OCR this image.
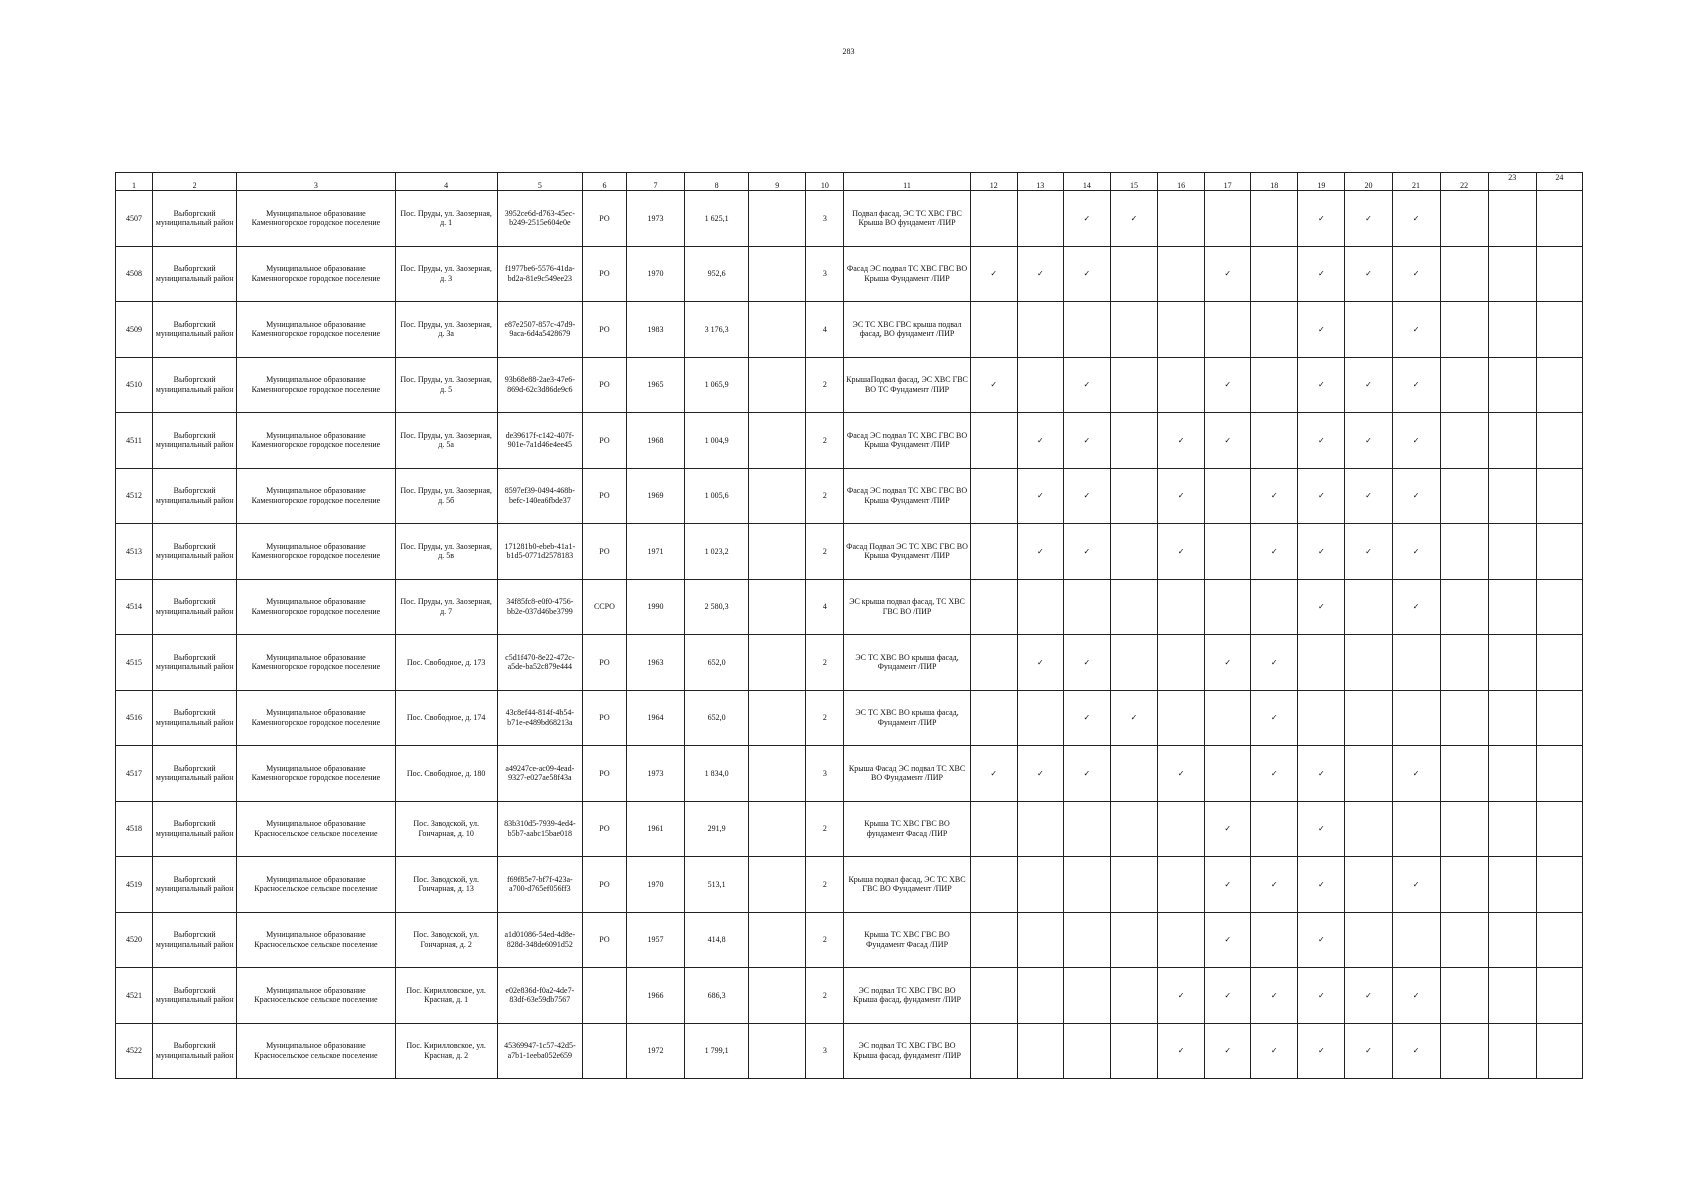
283
1	2	3	4	5	6	7	8	9	10	11	12	13	14	15	16	17	18	19	20	21	22	23	24
4507	Выборгский муниципальный район	Муниципальное образование Каменногорское городское поселение	Пос. Пруды, ул. Заозерная, д. 1	3952ce6d-d763-45ec-b249-2515e604e0e	РО	1973	1 625,1		3	Подвал фасад, ЭС ТС ХВС ГВС Крыша ВО фундамент /ПИР			✓	✓				✓	✓	✓			
4508	Выборгский муниципальный район	Муниципальное образование Каменногорское городское поселение	Пос. Пруды, ул. Заозерная, д. 3	f1977be6-5576-41da-bd2a-81e9c549ee23	РО	1970	952,6		3	Фасад ЭС подвал ТС ХВС ГВС ВО Крыша Фундамент /ПИР	✓	✓	✓			✓		✓	✓	✓			
4509	Выборгский муниципальный район	Муниципальное образование Каменногорское городское поселение	Пос. Пруды, ул. Заозерная, д. 3а	e87e2507-857c-47d9-9aca-6d4a5428679	РО	1983	3 176,3		4	ЭС ТС ХВС ГВС крыша подвал фасад, ВО фундамент /ПИР								✓		✓			
4510	Выборгский муниципальный район	Муниципальное образование Каменногорское городское поселение	Пос. Пруды, ул. Заозерная, д. 5	93b68e88-2ae3-47e6-869d-62c3d86de9c6	РО	1965	1 065,9		2	КрышаПодвал фасад, ЭС ХВС ГВС ВО ТС Фундамент /ПИР	✓		✓			✓		✓	✓	✓			
4511	Выборгский муниципальный район	Муниципальное образование Каменногорское городское поселение	Пос. Пруды, ул. Заозерная, д. 5а	de39617f-c142-407f-901e-7a1d46e4ee45	РО	1968	1 004,9		2	Фасад ЭС подвал ТС ХВС ГВС ВО Крыша Фундамент /ПИР		✓	✓		✓	✓		✓	✓	✓			
4512	Выборгский муниципальный район	Муниципальное образование Каменногорское городское поселение	Пос. Пруды, ул. Заозерная, д. 5б	8597ef39-0494-468b-befc-140ea6fbde37	РО	1969	1 005,6		2	Фасад ЭС подвал ТС ХВС ГВС ВО Крыша Фундамент /ПИР		✓	✓		✓		✓	✓	✓	✓			
4513	Выборгский муниципальный район	Муниципальное образование Каменногорское городское поселение	Пос. Пруды, ул. Заозерная, д. 5в	171281b0-ebeb-41a1-b1d5-0771d2578183	РО	1971	1 023,2		2	Фасад Подвал ЭС ТС ХВС ГВС ВО Крыша Фундамент /ПИР		✓	✓		✓		✓	✓	✓	✓			
4514	Выборгский муниципальный район	Муниципальное образование Каменногорское городское поселение	Пос. Пруды, ул. Заозерная, д. 7	34f85fc8-e0f0-4756-bb2e-037d46be3799	ССРО	1990	2 580,3		4	ЭС крыша подвал фасад, ТС ХВС ГВС ВО /ПИР								✓		✓			
4515	Выборгский муниципальный район	Муниципальное образование Каменногорское городское поселение	Пос. Свободное, д. 173	c5d1f470-8e22-472c-a5de-ba52c879e444	РО	1963	652,0		2	ЭС ТС ХВС ВО крыша фасад, Фундамент /ПИР		✓	✓			✓	✓						
4516	Выборгский муниципальный район	Муниципальное образование Каменногорское городское поселение	Пос. Свободное, д. 174	43c8ef44-814f-4b54-b71e-e489bd68213a	РО	1964	652,0		2	ЭС ТС ХВС ВО крыша фасад, Фундамент /ПИР			✓	✓			✓						
4517	Выборгский муниципальный район	Муниципальное образование Каменногорское городское поселение	Пос. Свободное, д. 180	a49247ce-ac09-4ead-9327-e027ae58f43a	РО	1973	1 834,0		3	Крыша Фасад ЭС подвал ТС ХВС ВО Фундамент /ПИР	✓	✓	✓		✓		✓	✓		✓			
4518	Выборгский муниципальный район	Муниципальное образование Красносельское сельское поселение	Пос. Заводской, ул. Гончарная, д. 10	83b310d5-7939-4ed4-b5b7-aabc15bae018	РО	1961	291,9		2	Крыша ТС ХВС ГВС ВО фундамент Фасад /ПИР						✓		✓					
4519	Выборгский муниципальный район	Муниципальное образование Красносельское сельское поселение	Пос. Заводской, ул. Гончарная, д. 13	f69f85e7-bf7f-423a-a700-d765ef056ff3	РО	1970	513,1		2	Крыша подвал фасад, ЭС ТС ХВС ГВС ВО Фундамент /ПИР						✓	✓	✓		✓			
4520	Выборгский муниципальный район	Муниципальное образование Красносельское сельское поселение	Пос. Заводской, ул. Гончарная, д. 2	a1d01086-54ed-4d8e-828d-348de6091d52	РО	1957	414,8		2	Крыша ТС ХВС ГВС ВО Фундамент Фасад /ПИР						✓		✓					
4521	Выборгский муниципальный район	Муниципальное образование Красносельское сельское поселение	Пос. Кирилловское, ул. Красная, д. 1	e02e836d-f0a2-4de7-83df-63e59db7567		1966	686,3		2	ЭС подвал ТС ХВС ГВС ВО Крыша фасад, фундамент /ПИР					✓	✓	✓	✓	✓	✓			
4522	Выборгский муниципальный район	Муниципальное образование Красносельское сельское поселение	Пос. Кирилловское, ул. Красная, д. 2	45369947-1c57-42d5-a7b1-1eeba052e659		1972	1 799,1		3	ЭС подвал ТС ХВС ГВС ВО Крыша фасад, фундамент /ПИР					✓	✓	✓	✓	✓	✓			
